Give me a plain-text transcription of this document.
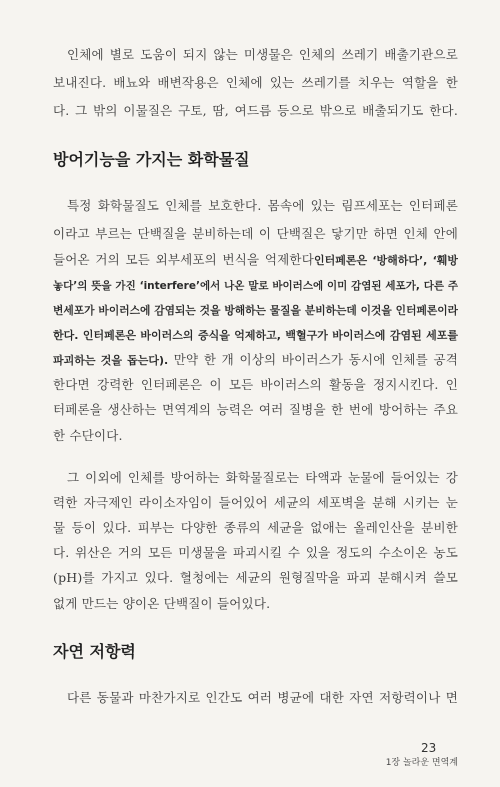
인체에 별로 도움이 되지 않는 미생물은 인체의 쓰레기 배출기관으로
보내진다. 배뇨와 배변작용은 인체에 있는 쓰레기를 치우는 역할을 한
다. 그 밖의 이물질은 구토, 땀, 여드름 등으로 밖으로 배출되기도 한다.
방어기능을 가지는 화학물질
특정 화학물질도 인체를 보호한다. 몸속에 있는 림프세포는 인터페론
이라고 부르는 단백질을 분비하는데 이 단백질은 닿기만 하면 인체 안에
들어온 거의 모든 외부세포의 번식을 억제한다인터페론은 ‘방해하다’, ‘훼방
놓다’의 뜻을 가진 ‘interfere’에서 나온 말로 바이러스에 이미 감염된 세포가, 다른 주
변세포가 바이러스에 감염되는 것을 방해하는 물질을 분비하는데 이것을 인터페론이라
한다. 인터페론은 바이러스의 증식을 억제하고, 백혈구가 바이러스에 감염된 세포를
파괴하는 것을 돕는다). 만약 한 개 이상의 바이러스가 동시에 인체를 공격
한다면 강력한 인터페론은 이 모든 바이러스의 활동을 정지시킨다. 인
터페론을 생산하는 면역계의 능력은 여러 질병을 한 번에 방어하는 주요
한 수단이다.
그 이외에 인체를 방어하는 화학물질로는 타액과 눈물에 들어있는 강
력한 자극제인 라이소자임이 들어있어 세균의 세포벽을 분해 시키는 눈
물 등이 있다. 피부는 다양한 종류의 세균을 없애는 올레인산을 분비한
다. 위산은 거의 모든 미생물을 파괴시킬 수 있을 정도의 수소이온 농도
(pH)를 가지고 있다. 혈청에는 세균의 원형질막을 파괴 분해시켜 쓸모
없게 만드는 양이온 단백질이 들어있다.
자연 저항력
다른 동물과 마찬가지로 인간도 여러 병균에 대한 자연 저항력이나 면
23
1장 놀라운 면역계
